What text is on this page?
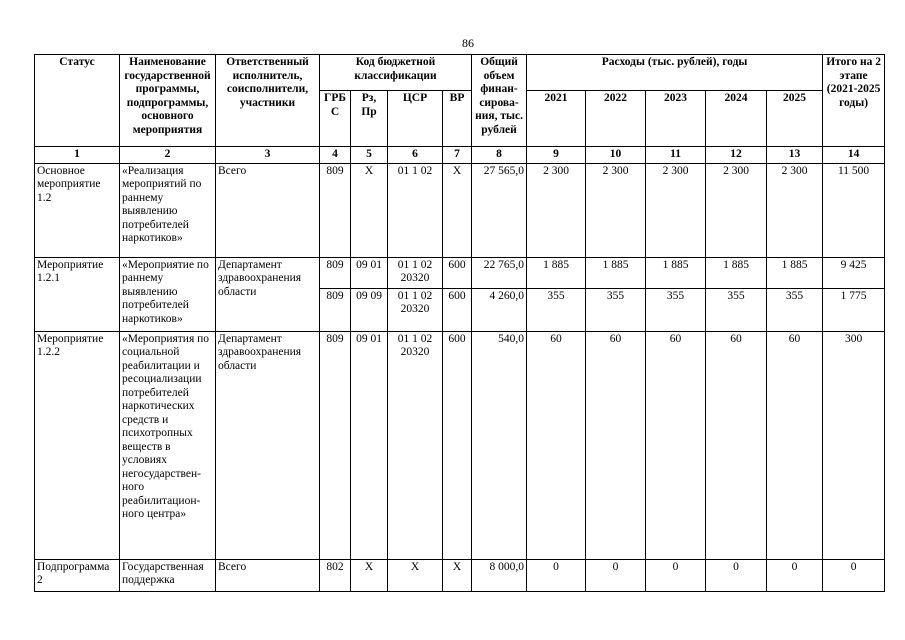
86
Статус	Наименование государственной программы, подпрограммы, основного мероприятия	Ответственный исполнитель, соисполнители, участники	Код бюджетной классификации				Общий объем финан-сирова-ния, тыс. рублей	Расходы (тыс. рублей), годы					Итого на 2 этапе (2021-2025 годы)
			ГРБ С	Рз, Пр	ЦСР	ВР		2021	2022	2023	2024	2025	
1	2	3	4	5	6	7	8	9	10	11	12	13	14
Основное мероприятие 1.2	«Реализация мероприятий по раннему выявлению потребителей наркотиков»	Всего	809	X	01 1 02	X	27 565,0	2 300	2 300	2 300	2 300	2 300	11 500
Мероприятие 1.2.1	«Мероприятие по раннему выявлению потребителей наркотиков»	Департамент здравоохранения области	809	09 01	01 1 02 20320	600	22 765,0	1 885	1 885	1 885	1 885	1 885	9 425
			809	09 09	01 1 02 20320	600	4 260,0	355	355	355	355	355	1 775
Мероприятие 1.2.2	«Мероприятия по социальной реабилитации и ресоциализации потребителей наркотических средств и психотропных веществ в условиях негосударствен-ного реабилитацион-ного центра»	Департамент здравоохранения области	809	09 01	01 1 02 20320	600	540,0	60	60	60	60	60	300
Подпрограмма 2	Государственная поддержка	Всего	802	X	X	X	8 000,0	0	0	0	0	0	0
